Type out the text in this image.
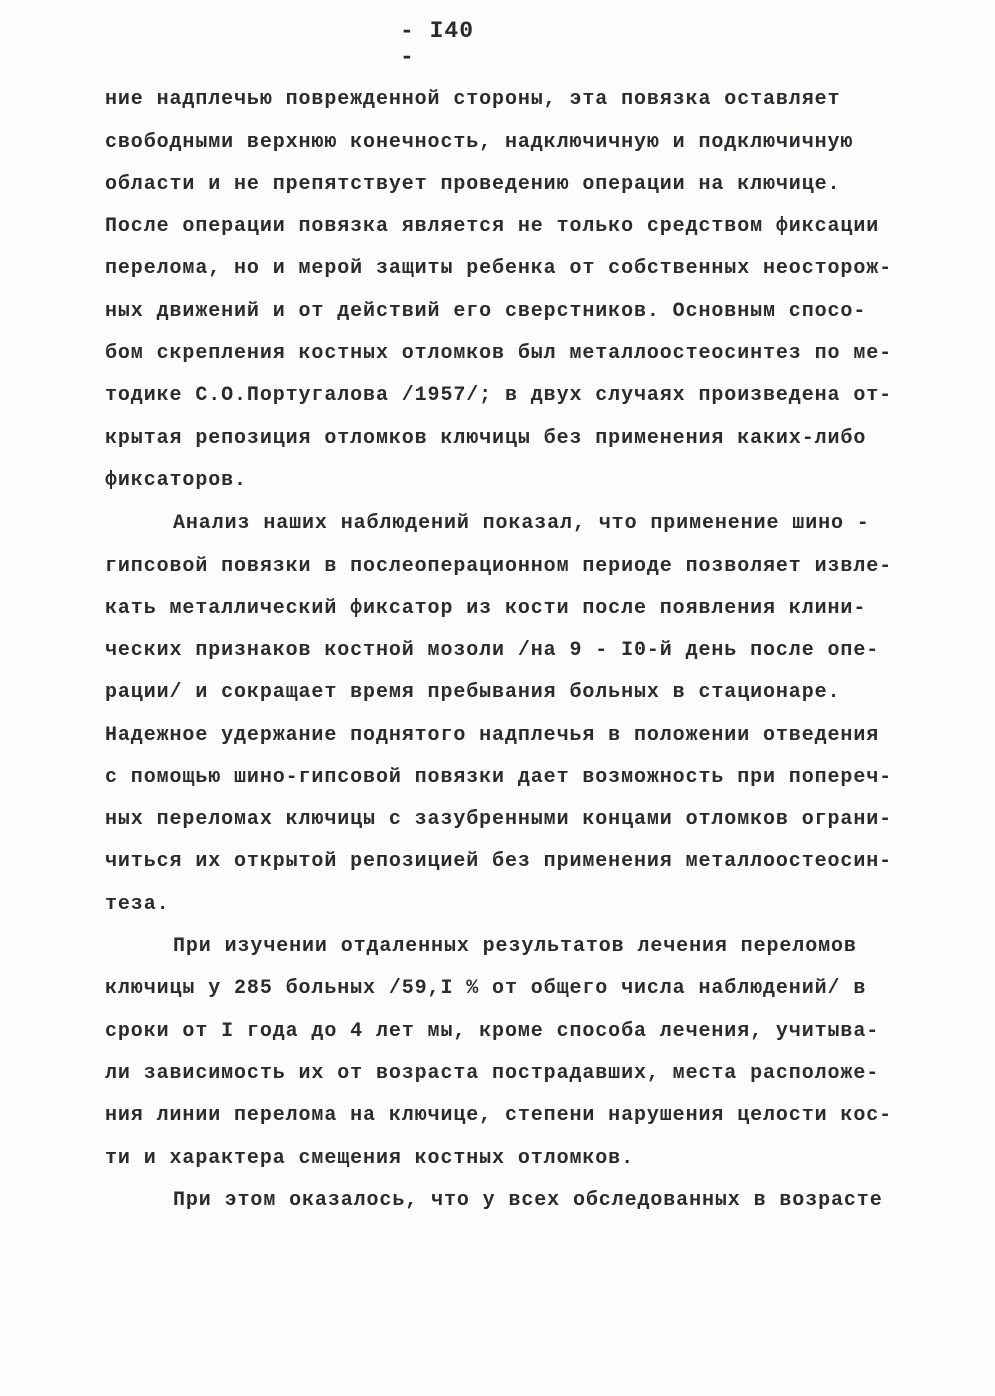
- I40 -
ние надплечью поврежденной стороны, эта повязка оставляет
свободными верхнюю конечность, надключичную и подключичную
области и не препятствует проведению операции на ключице.
После операции повязка является не только средством фиксации
перелома, но и мерой защиты ребенка от собственных неосторож-
ных движений и от действий его сверстников. Основным спосо-
бом скрепления костных отломков был металлоостеосинтез по ме-
тодике С.О.Португалова /1957/; в двух случаях произведена от-
крытая репозиция отломков ключицы без применения каких-либо
фиксаторов.
Анализ наших наблюдений показал, что применение шино -
гипсовой повязки в послеоперационном периоде позволяет извле-
кать металлический фиксатор из кости после появления клини-
ческих признаков костной мозоли /на 9 - I0-й день после опе-
рации/ и сокращает время пребывания больных в стационаре.
Надежное удержание поднятого надплечья в положении отведения
с помощью шино-гипсовой повязки дает возможность при попереч-
ных переломах ключицы с зазубренными концами отломков ограни-
читься их открытой репозицией без применения металлоостеосин-
теза.
При изучении отдаленных результатов лечения переломов
ключицы у 285 больных /59,I % от общего числа наблюдений/ в
сроки от I года до 4 лет мы, кроме способа лечения, учитыва-
ли зависимость их от возраста пострадавших, места расположе-
ния линии перелома на ключице, степени нарушения целости кос-
ти и характера смещения костных отломков.
При этом оказалось, что у всех обследованных в возрасте
